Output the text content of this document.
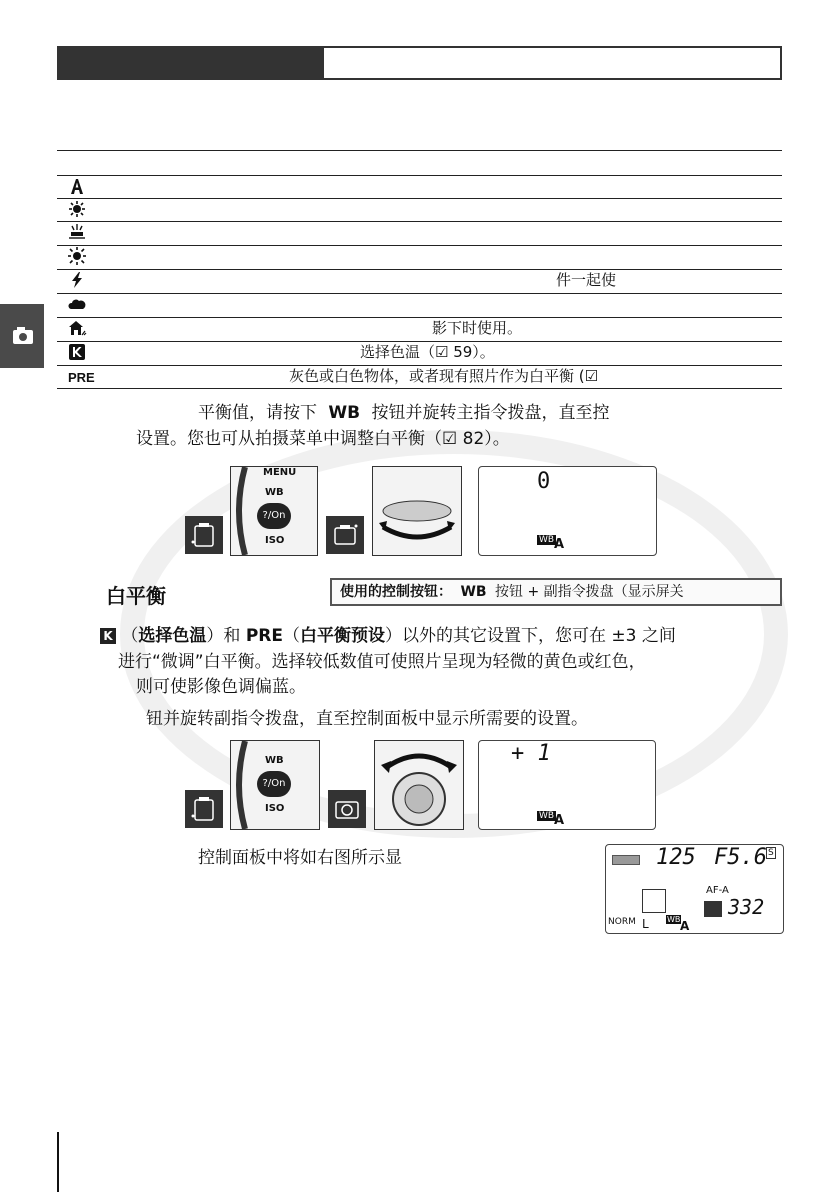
PRE
件一起使
影下时使用。
选择色温（☑ 59）。
灰色或白色物体，或者现有照片作为白平衡 (☑
平衡值，请按下 WB 按钮并旋转主指令拨盘，直至控
设置。您也可从拍摄菜单中调整白平衡（☑ 82）。
MENU
WB
?/On
ISO
0
WB A
白平衡	使用的控制按钮： WB 按钮 + 副指令拨盘（显示屏关
K （选择色温）和 PRE（白平衡预设）以外的其它设置下，您可在 ±3 之间
进行“微调”白平衡。选择较低数值可使照片呈现为轻微的黄色或红色，
则可使影像色调偏蓝。
钮并旋转副指令拨盘，直至控制面板中显示所需要的设置。
WB
?/On
ISO
+ 1
WB A
控制面板中将如右图所示显	125 F5.6 S
AF-A
332
NORM L WB A
